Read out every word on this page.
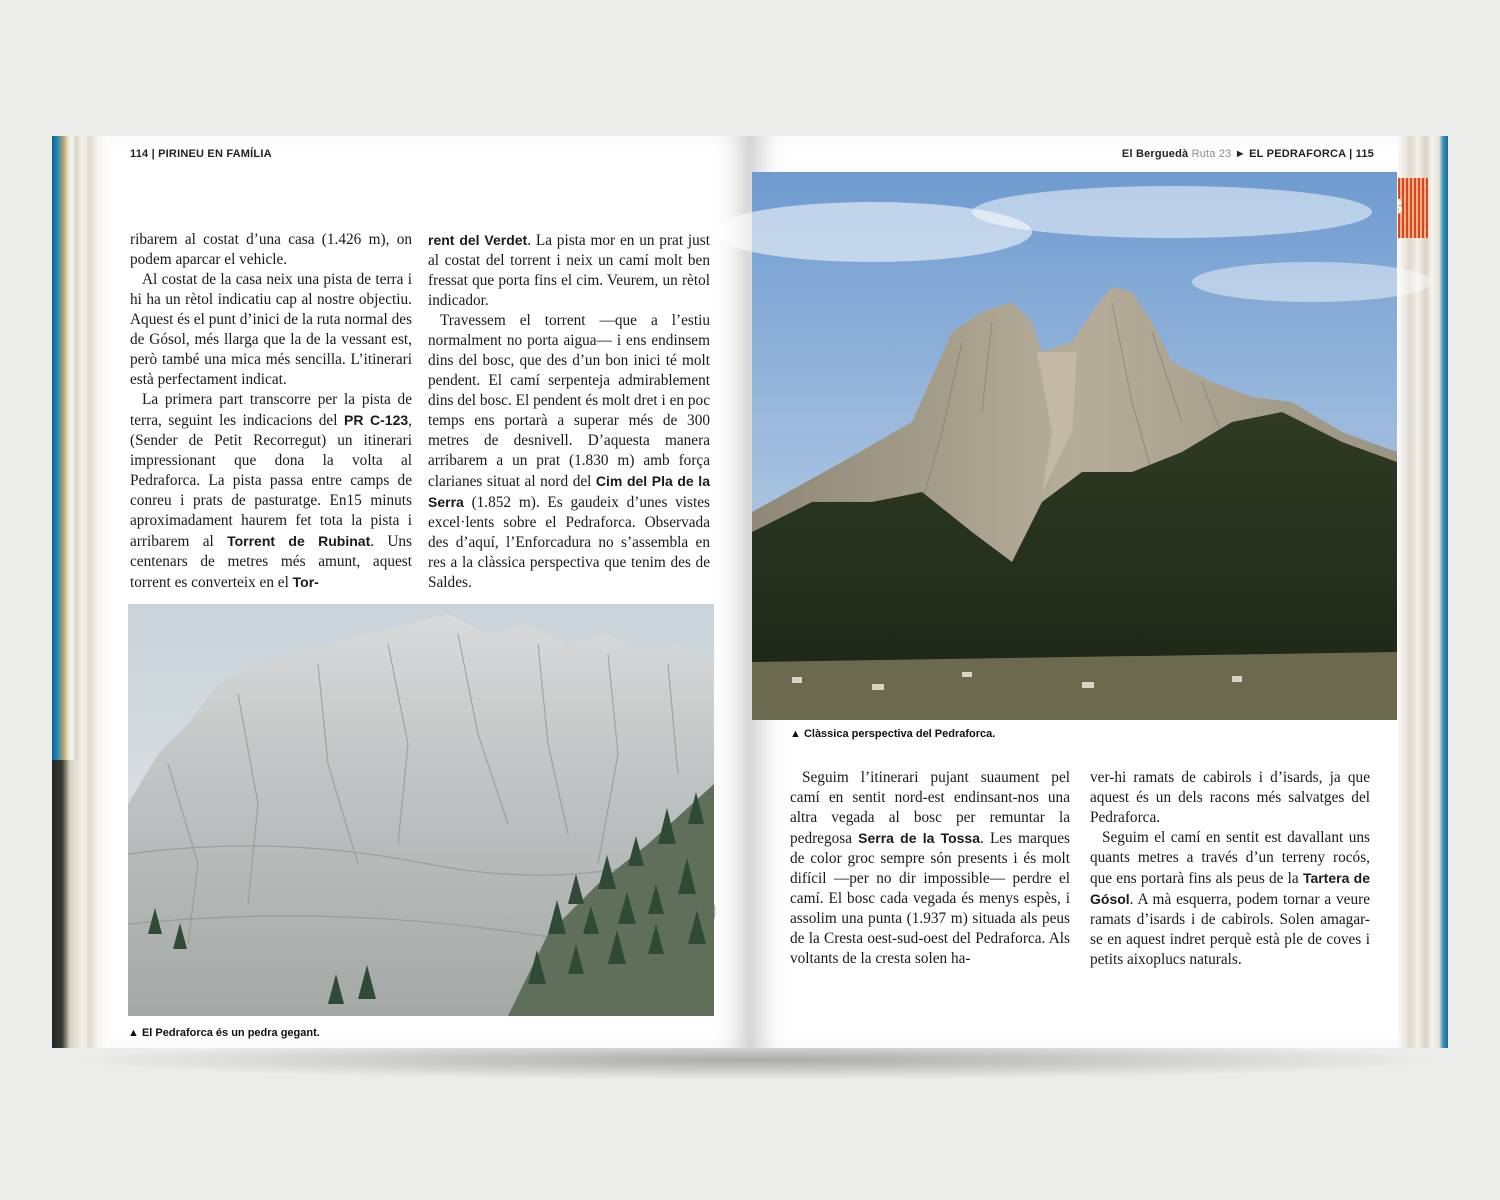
114 | PIRINEU EN FAMÍLIA	El Berguedà Ruta 23 ► EL PEDRAFORCA | 115

ribarem al costat d’una casa (1.426 m), on podem aparcar el vehicle.

Al costat de la casa neix una pista de terra i hi ha un rètol indicatiu cap al nostre objectiu. Aquest és el punt d’inici de la ruta normal des de Gósol, més llarga que la de la vessant est, però també una mica més sencilla. L’itinerari està perfectament indicat.

La primera part transcorre per la pista de terra, seguint les indicacions del PR C-123, (Sender de Petit Recorregut) un itinerari impressionant que dona la volta al Pedraforca. La pista passa entre camps de conreu i prats de pasturatge. En15 minuts aproximadament haurem fet tota la pista i arribarem al Torrent de Rubinat. Uns centenars de metres més amunt, aquest torrent es converteix en el Tor-

rent del Verdet. La pista mor en un prat just al costat del torrent i neix un camí molt ben fressat que porta fins el cim. Veurem, un rètol indicador.

Travessem el torrent —que a l’estiu normalment no porta aigua— i ens endinsem dins del bosc, que des d’un bon inici té molt pendent. El camí serpenteja admirablement dins del bosc. El pendent és molt dret i en poc temps ens portarà a superar més de 300 metres de desnivell. D’aquesta manera arribarem a un prat (1.830 m) amb força clarianes situat al nord del Cim del Pla de la Serra (1.852 m). Es gaudeix d’unes vistes excel·lents sobre el Pedraforca. Observada des d’aquí, l’Enforcadura no s’assembla en res a la clàssica perspectiva que tenim des de Saldes.

Seguim l’itinerari pujant suaument pel camí en sentit nord-est endinsant-nos una altra vegada al bosc per remuntar la pedregosa Serra de la Tossa. Les marques de color groc sempre són presents i és molt difícil —per no dir impossible— perdre el camí. El bosc cada vegada és menys espès, i assolim una punta (1.937 m) situada als peus de la Cresta oest-sud-oest del Pedraforca. Als voltants de la cresta solen ha-

ver-hi ramats de cabirols i d’isards, ja que aquest és un dels racons més salvatges del Pedraforca.

Seguim el camí en sentit est davallant uns quants metres a través d’un terreny rocós, que ens portarà fins als peus de la Tartera de Gósol. A mà esquerra, podem tornar a veure ramats d’isards i de cabirols. Solen amagar-se en aquest indret perquè està ple de coves i petits aixoplucs naturals.

▲ El Pedraforca és un pedra gegant.
▲ Clàssica perspectiva del Pedraforca.
